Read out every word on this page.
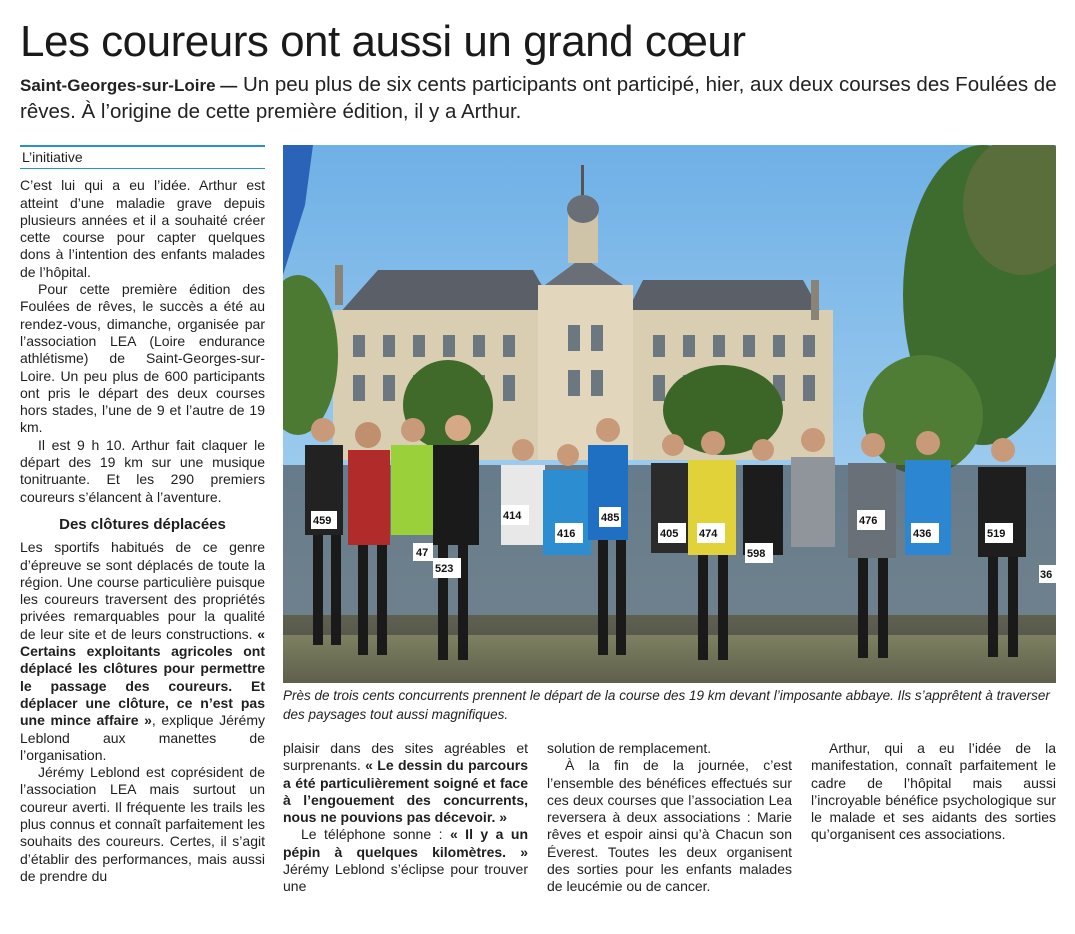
Les coureurs ont aussi un grand cœur
Saint-Georges-sur-Loire — Un peu plus de six cents participants ont participé, hier, aux deux courses des Foulées de rêves. À l’origine de cette première édition, il y a Arthur.
L’initiative

C’est lui qui a eu l’idée. Arthur est atteint d’une maladie grave depuis plusieurs années et il a souhaité créer cette course pour capter quelques dons à l’intention des enfants malades de l’hôpital.

Pour cette première édition des Foulées de rêves, le succès a été au rendez-vous, dimanche, organisée par l’association LEA (Loire endurance athlétisme) de Saint-Georges-sur-Loire. Un peu plus de 600 participants ont pris le départ des deux courses hors stades, l’une de 9 et l’autre de 19 km.

Il est 9 h 10. Arthur fait claquer le départ des 19 km sur une musique tonitruante. Et les 290 premiers coureurs s’élancent à l’aventure.

Des clôtures déplacées

Les sportifs habitués de ce genre d’épreuve se sont déplacés de toute la région. Une course particulière puisque les coureurs traversent des propriétés privées remarquables pour la qualité de leur site et de leurs constructions. « Certains exploitants agricoles ont déplacé les clôtures pour permettre le passage des coureurs. Et déplacer une clôture, ce n’est pas une mince affaire », explique Jérémy Leblond aux manettes de l’organisation.

Jérémy Leblond est coprésident de l’association LEA mais surtout un coureur averti. Il fréquente les trails les plus connus et connaît parfaitement les souhaits des coureurs. Certes, il s’agit d’établir des performances, mais aussi de prendre du

459
47
523
414
416
485
405 474
598
476
436	519
36
Près de trois cents concurrents prennent le départ de la course des 19 km devant l’imposante abbaye. Ils s’apprêtent à traverser des paysages tout aussi magnifiques.

plaisir dans des sites agréables et surprenants. « Le dessin du parcours a été particulièrement soigné et face à l’engouement des concurrents, nous ne pouvions pas décevoir. »

Le téléphone sonne : « Il y a un pépin à quelques kilomètres. » Jérémy Leblond s’éclipse pour trouver une

solution de remplacement.

À la fin de la journée, c’est l’ensemble des bénéfices effectués sur ces deux courses que l’association Lea reversera à deux associations : Marie rêves et espoir ainsi qu’à Chacun son Éverest. Toutes les deux organisent des sorties pour les enfants malades de leucémie ou de cancer.

Arthur, qui a eu l’idée de la manifestation, connaît parfaitement le cadre de l’hôpital mais aussi l’incroyable bénéfice psychologique sur le malade et ses aidants des sorties qu’organisent ces associations.
